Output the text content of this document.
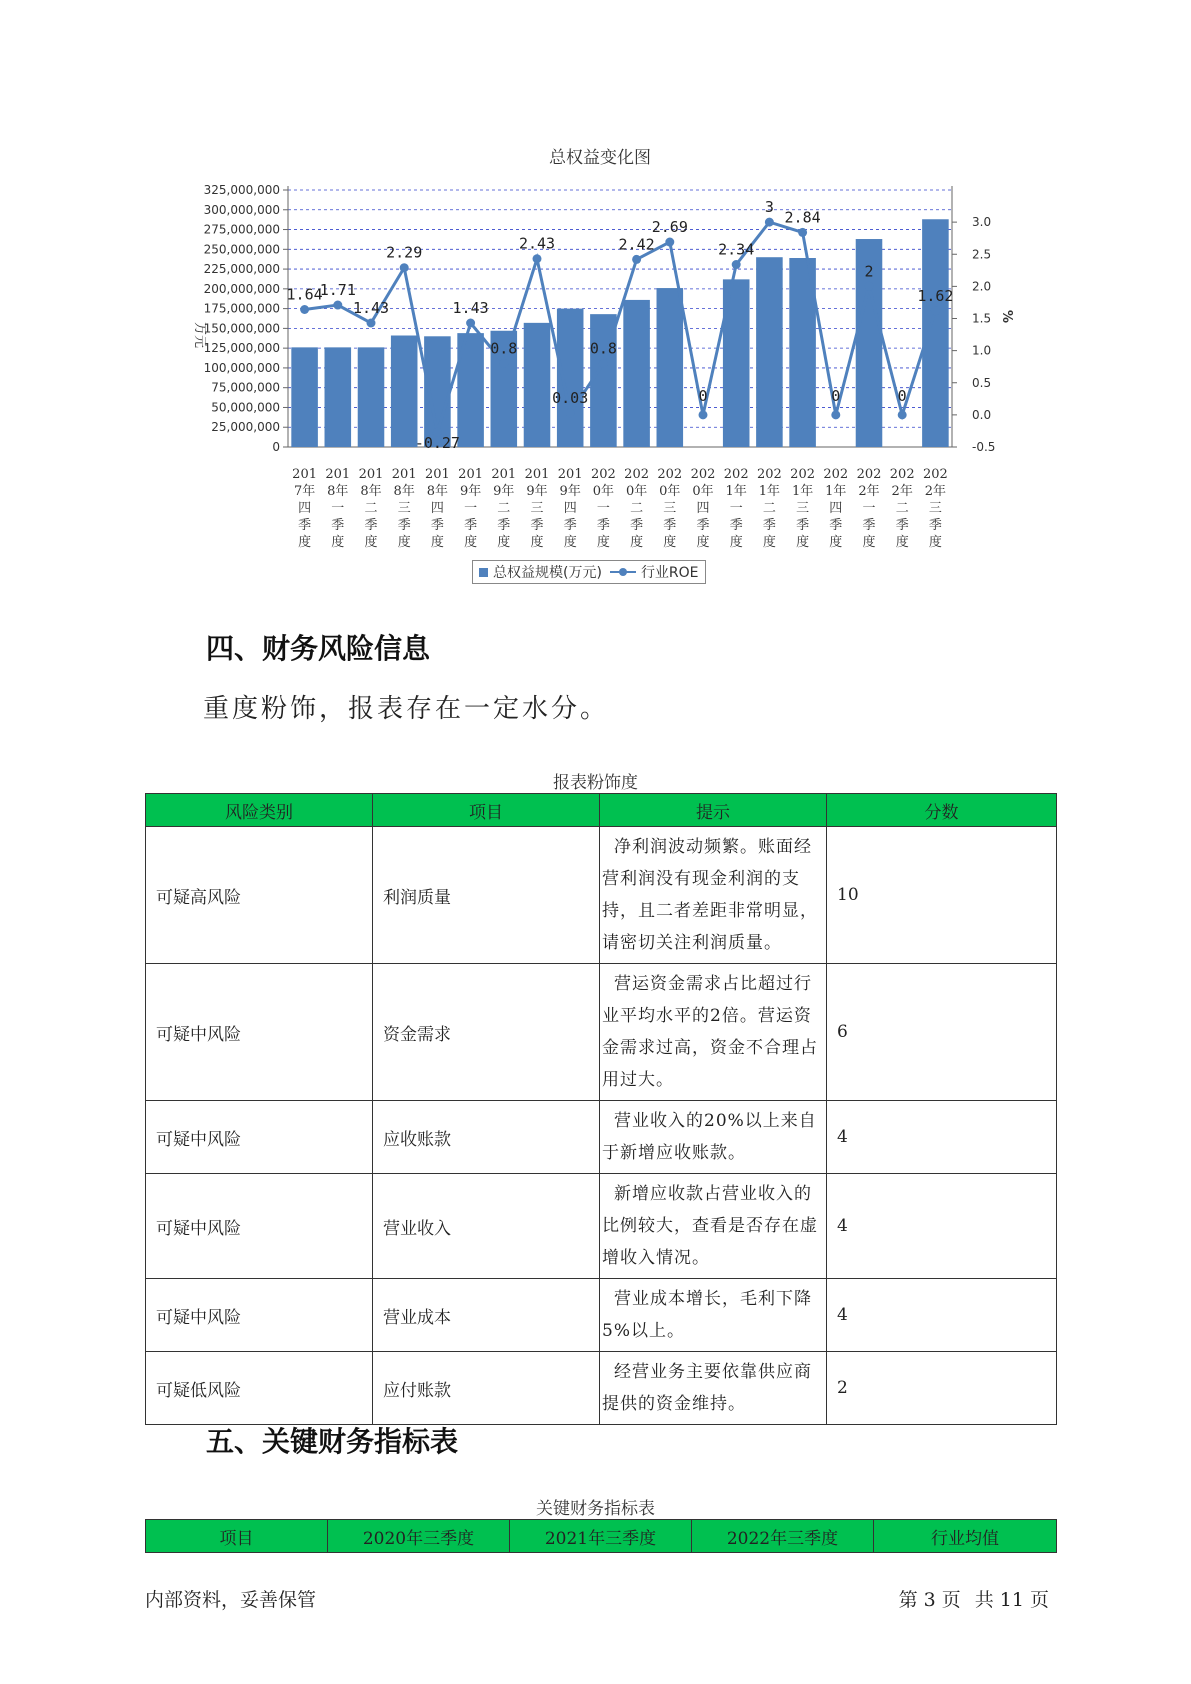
总权益变化图
0
25,000,000
50,000,000
75,000,000
100,000,000
125,000,000
150,000,000
175,000,000
200,000,000
225,000,000
250,000,000
275,000,000
300,000,000
325,000,000
-0.5
0.0
0.5
1.0
1.5
2.0
2.5
3.0
万元
%
201
7年
四
季
度
201
8年
一
季
度
201
8年
二
季
度
201
8年
三
季
度
201
8年
四
季
度
201
9年
一
季
度
201
9年
二
季
度
201
9年
三
季
度
201
9年
四
季
度
202
0年
一
季
度
202
0年
二
季
度
202
0年
三
季
度
202
0年
四
季
度
202
1年
一
季
度
202
1年
二
季
度
202
1年
三
季
度
202
1年
四
季
度
202
2年
一
季
度
202
2年
二
季
度
202
2年
三
季
度
1.64
1.71
1.43
2.29
-0.27
1.43
0.8
2.43
0.03
0.8
2.42
2.69
0
2.34
3
2.84
0
2
0
1.62
总权益规模(万元)	行业ROE
四、财务风险信息

重度粉饰，报表存在一定水分。

报表粉饰度
风险类别	项目	提示	分数
可疑高风险	利润质量	净利润波动频繁。账面经营利润没有现金利润的支持，且二者差距非常明显，请密切关注利润质量。	10
可疑中风险	资金需求	营运资金需求占比超过行业平均水平的2倍。营运资金需求过高，资金不合理占用过大。	6
可疑中风险	应收账款	营业收入的20%以上来自于新增应收账款。	4
可疑中风险	营业收入	新增应收款占营业收入的比例较大，查看是否存在虚增收入情况。	4
可疑中风险	营业成本	营业成本增长，毛利下降5%以上。	4
可疑低风险	应付账款	经营业务主要依靠供应商提供的资金维持。	2
五、关键财务指标表
关键财务指标表
项目	2020年三季度	2021年三季度	2022年三季度	行业均值
内部资料，妥善保管	第 3 页 共 11 页
